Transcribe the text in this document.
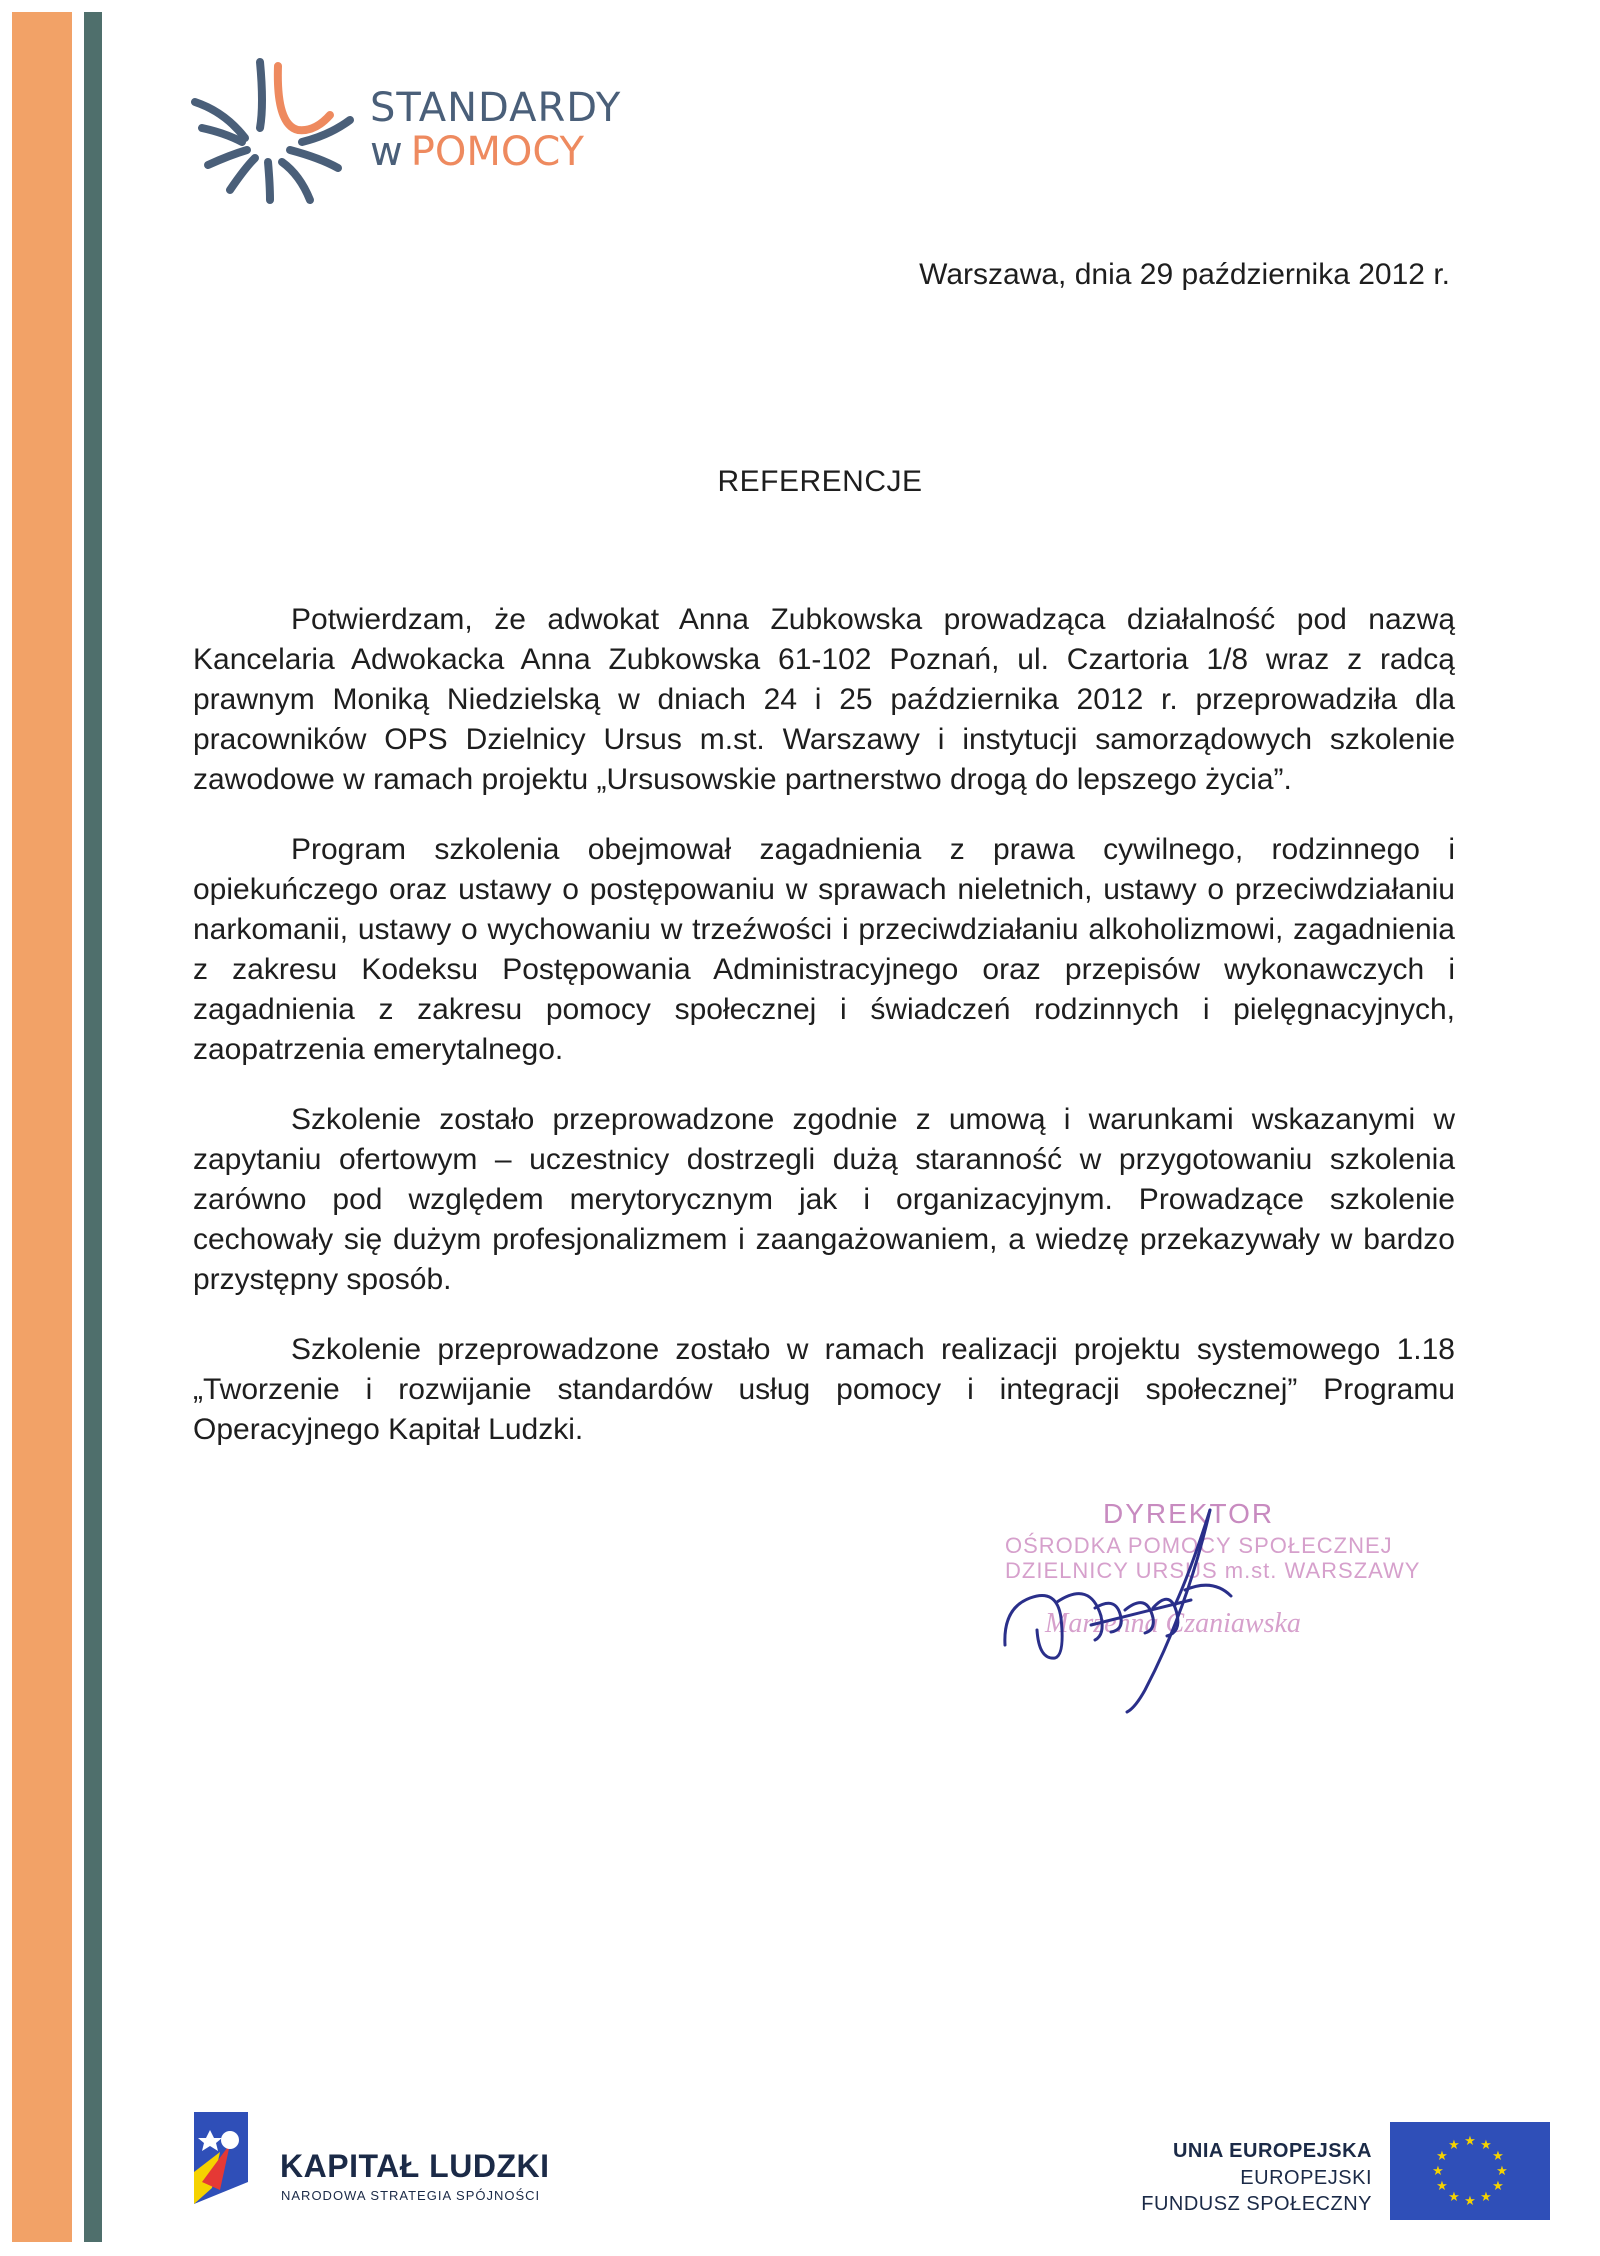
STANDARDY
w POMOCY
Warszawa, dnia 29 października 2012 r.
REFERENCJE

Potwierdzam, że adwokat Anna Zubkowska prowadząca działalność pod nazwą Kancelaria Adwokacka Anna Zubkowska 61-102 Poznań, ul. Czartoria 1/8 wraz z radcą prawnym Moniką Niedzielską w dniach 24 i 25 października 2012 r. przeprowadziła dla pracowników OPS Dzielnicy Ursus m.st. Warszawy i instytucji samorządowych szkolenie zawodowe w ramach projektu „Ursusowskie partnerstwo drogą do lepszego życia”.

Program szkolenia obejmował zagadnienia z prawa cywilnego, rodzinnego i opiekuńczego oraz ustawy o postępowaniu w sprawach nieletnich, ustawy o przeciwdziałaniu narkomanii, ustawy o wychowaniu w trzeźwości i przeciwdziałaniu alkoholizmowi, zagadnienia z zakresu Kodeksu Postępowania Administracyjnego oraz przepisów wykonawczych i zagadnienia z zakresu pomocy społecznej i świadczeń rodzinnych i pielęgnacyjnych, zaopatrzenia emerytalnego.

Szkolenie zostało przeprowadzone zgodnie z umową i warunkami wskazanymi w zapytaniu ofertowym – uczestnicy dostrzegli dużą staranność w przygotowaniu szkolenia zarówno pod względem merytorycznym jak i organizacyjnym. Prowadzące szkolenie cechowały się dużym profesjonalizmem i zaangażowaniem, a wiedzę przekazywały w bardzo przystępny sposób.

Szkolenie przeprowadzone zostało w ramach realizacji projektu systemowego 1.18 „Tworzenie i rozwijanie standardów usług pomocy i integracji społecznej” Programu Operacyjnego Kapitał Ludzki.

DYREKTOR
OŚRODKA POMOCY SPOŁECZNEJ
DZIELNICY URSUS m.st. WARSZAWY
Marzenna Czaniawska
KAPITAŁ LUDZKI
NARODOWA STRATEGIA SPÓJNOŚCI
UNIA EUROPEJSKA
EUROPEJSKI
FUNDUSZ SPOŁECZNY
★ ★
★
★
★
★
★
★
★
★
★
★
